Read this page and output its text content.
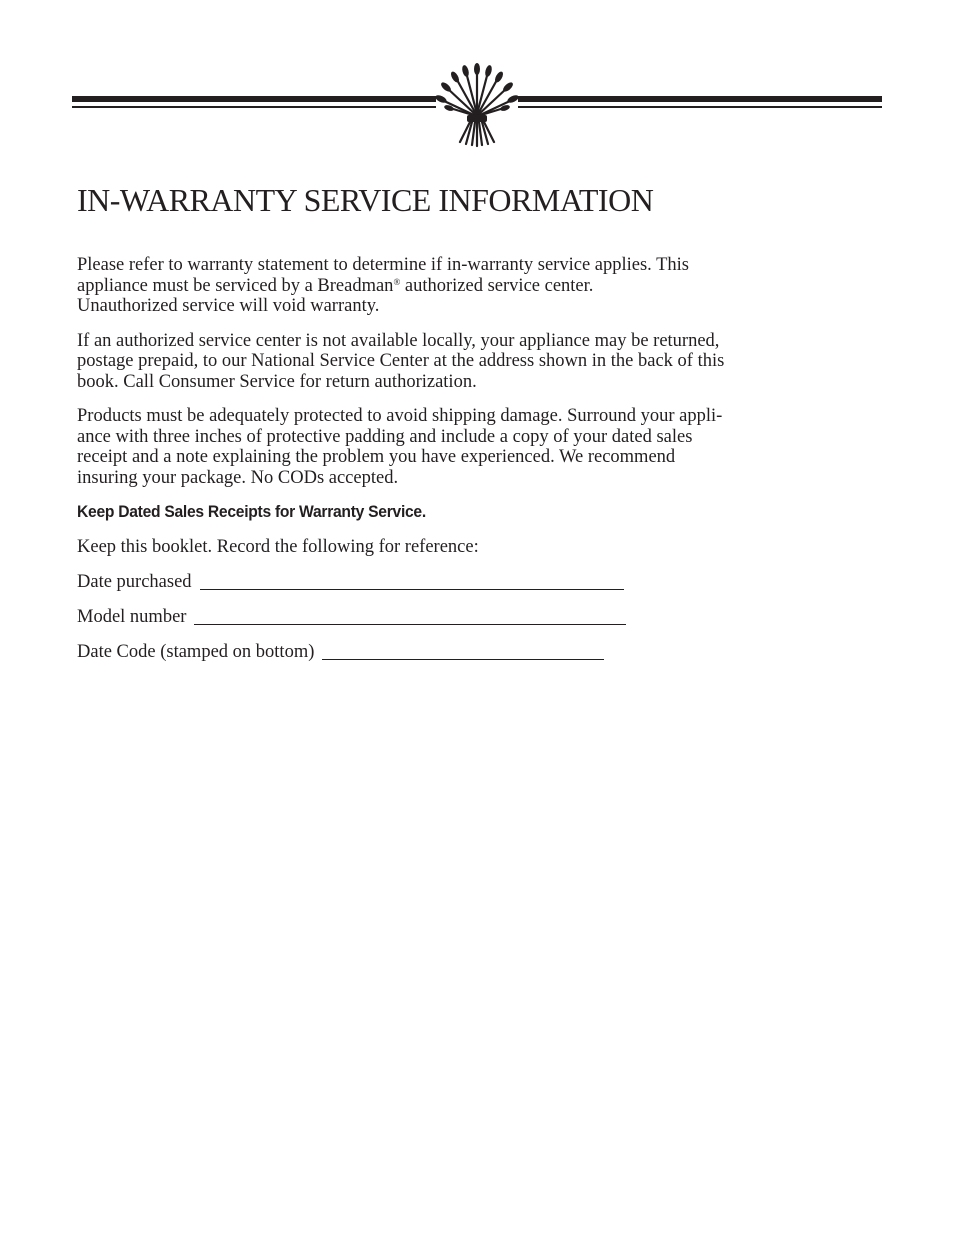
IN-WARRANTY SERVICE INFORMATION

Please refer to warranty statement to determine if in-warranty service applies. This
appliance must be serviced by a Breadman® authorized service center.
Unauthorized service will void warranty.

If an authorized service center is not available locally, your appliance may be returned,
postage prepaid, to our National Service Center at the address shown in the back of this
book. Call Consumer Service for return authorization.

Products must be adequately protected to avoid shipping damage. Surround your appli-
ance with three inches of protective padding and include a copy of your dated sales
receipt and a note explaining the problem you have experienced. We recommend
insuring your package. No CODs accepted.

Keep Dated Sales Receipts for Warranty Service.
Keep this booklet. Record the following for reference:
Date purchased
Model number
Date Code (stamped on bottom)
